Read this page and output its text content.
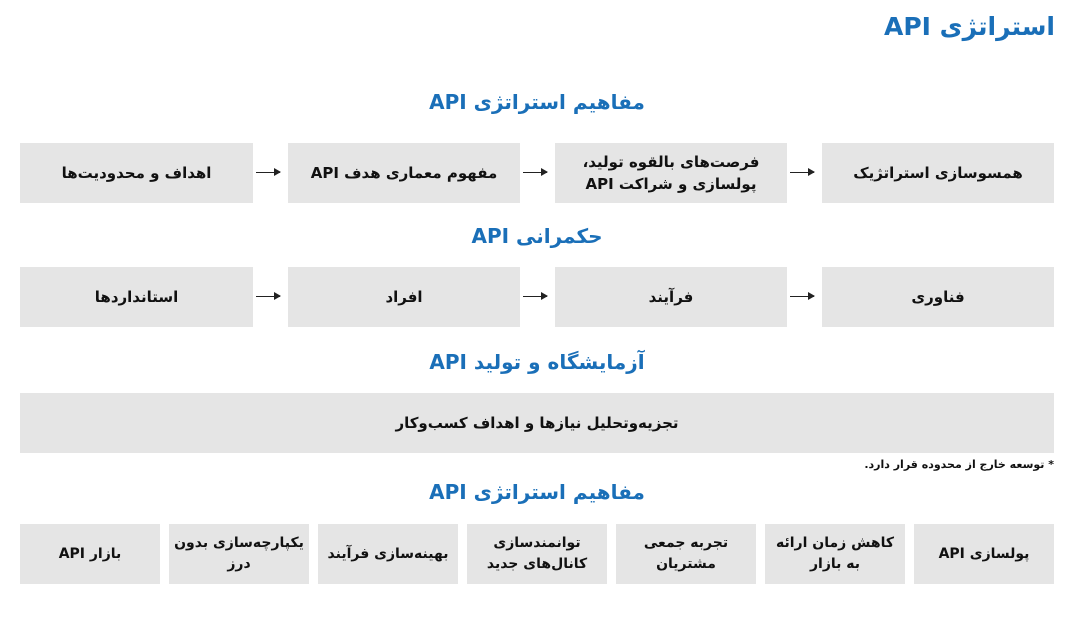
استراتژی API
مفاهیم استراتژی API
همسوسازی استراتژیک
فرصت‌های بالقوه تولید، پولسازی و شراکت API
مفهوم معماری هدف API
اهداف و محدودیت‌ها
حکمرانی API
فناوری
فرآیند
افراد
استانداردها
آزمایشگاه و تولید API
تجزیه‌وتحلیل نیازها و اهداف کسب‌وکار

* توسعه خارج از محدوده قرار دارد.

مفاهیم استراتژی API
پولسازی API
کاهش زمان ارائه به بازار
تجربه جمعی مشتریان
توانمندسازی کانال‌های جدید
بهینه‌سازی فرآیند
یکپارچه‌سازی بدون درز
بازار API
